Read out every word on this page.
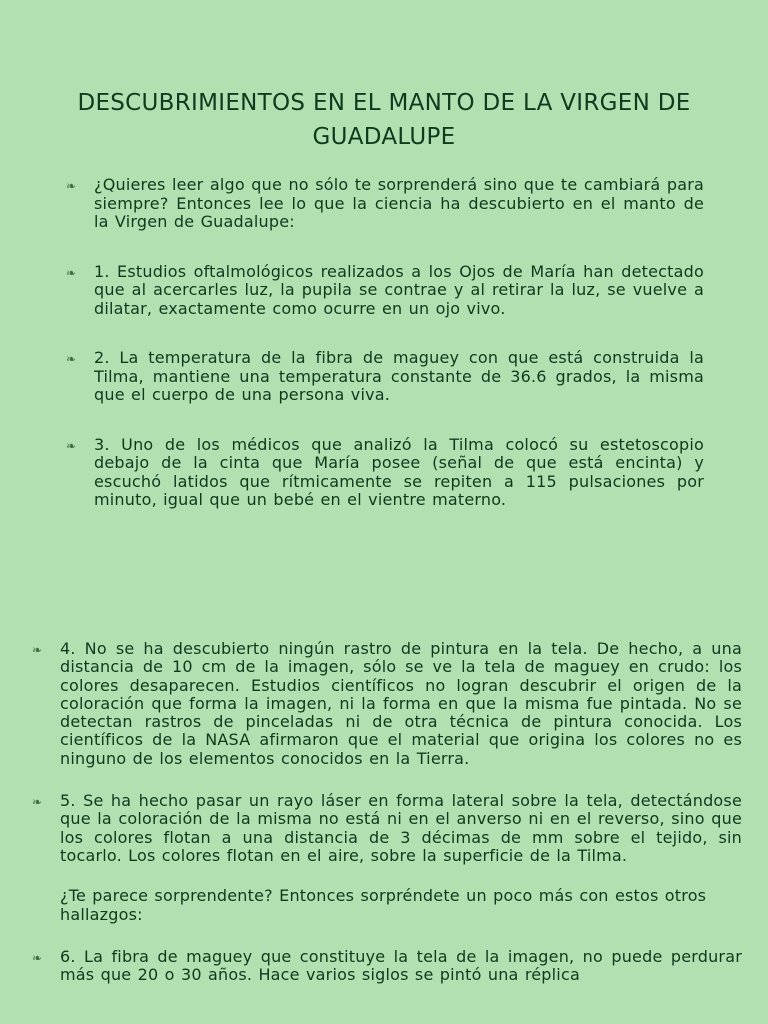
DESCUBRIMIENTOS EN EL MANTO DE LA VIRGEN DE GUADALUPE
❧ ¿Quieres leer algo que no sólo te sorprenderá sino que te cambiará para siempre? Entonces lee lo que la ciencia ha descubierto en el manto de la Virgen de Guadalupe:
❧ 1. Estudios oftalmológicos realizados a los Ojos de María han detectado que al acercarles luz, la pupila se contrae y al retirar la luz, se vuelve a dilatar, exactamente como ocurre en un ojo vivo.
❧ 2. La temperatura de la fibra de maguey con que está construida la Tilma, mantiene una temperatura constante de 36.6 grados, la misma que el cuerpo de una persona viva.
❧ 3. Uno de los médicos que analizó la Tilma colocó su estetoscopio debajo de la cinta que María posee (señal de que está encinta) y escuchó latidos que rítmicamente se repiten a 115 pulsaciones por minuto, igual que un bebé en el vientre materno.
❧ 4. No se ha descubierto ningún rastro de pintura en la tela. De hecho, a una distancia de 10 cm de la imagen, sólo se ve la tela de maguey en crudo: los colores desaparecen. Estudios científicos no logran descubrir el origen de la coloración que forma la imagen, ni la forma en que la misma fue pintada. No se detectan rastros de pinceladas ni de otra técnica de pintura conocida. Los científicos de la NASA afirmaron que el material que origina los colores no es ninguno de los elementos conocidos en la Tierra.
❧ 5. Se ha hecho pasar un rayo láser en forma lateral sobre la tela, detectándose que la coloración de la misma no está ni en el anverso ni en el reverso, sino que los colores flotan a una distancia de 3 décimas de mm sobre el tejido, sin tocarlo. Los colores flotan en el aire, sobre la superficie de la Tilma.
¿Te parece sorprendente? Entonces sorpréndete un poco más con estos otros hallazgos:
❧ 6. La fibra de maguey que constituye la tela de la imagen, no puede perdurar más que 20 o 30 años. Hace varios siglos se pintó una réplica
